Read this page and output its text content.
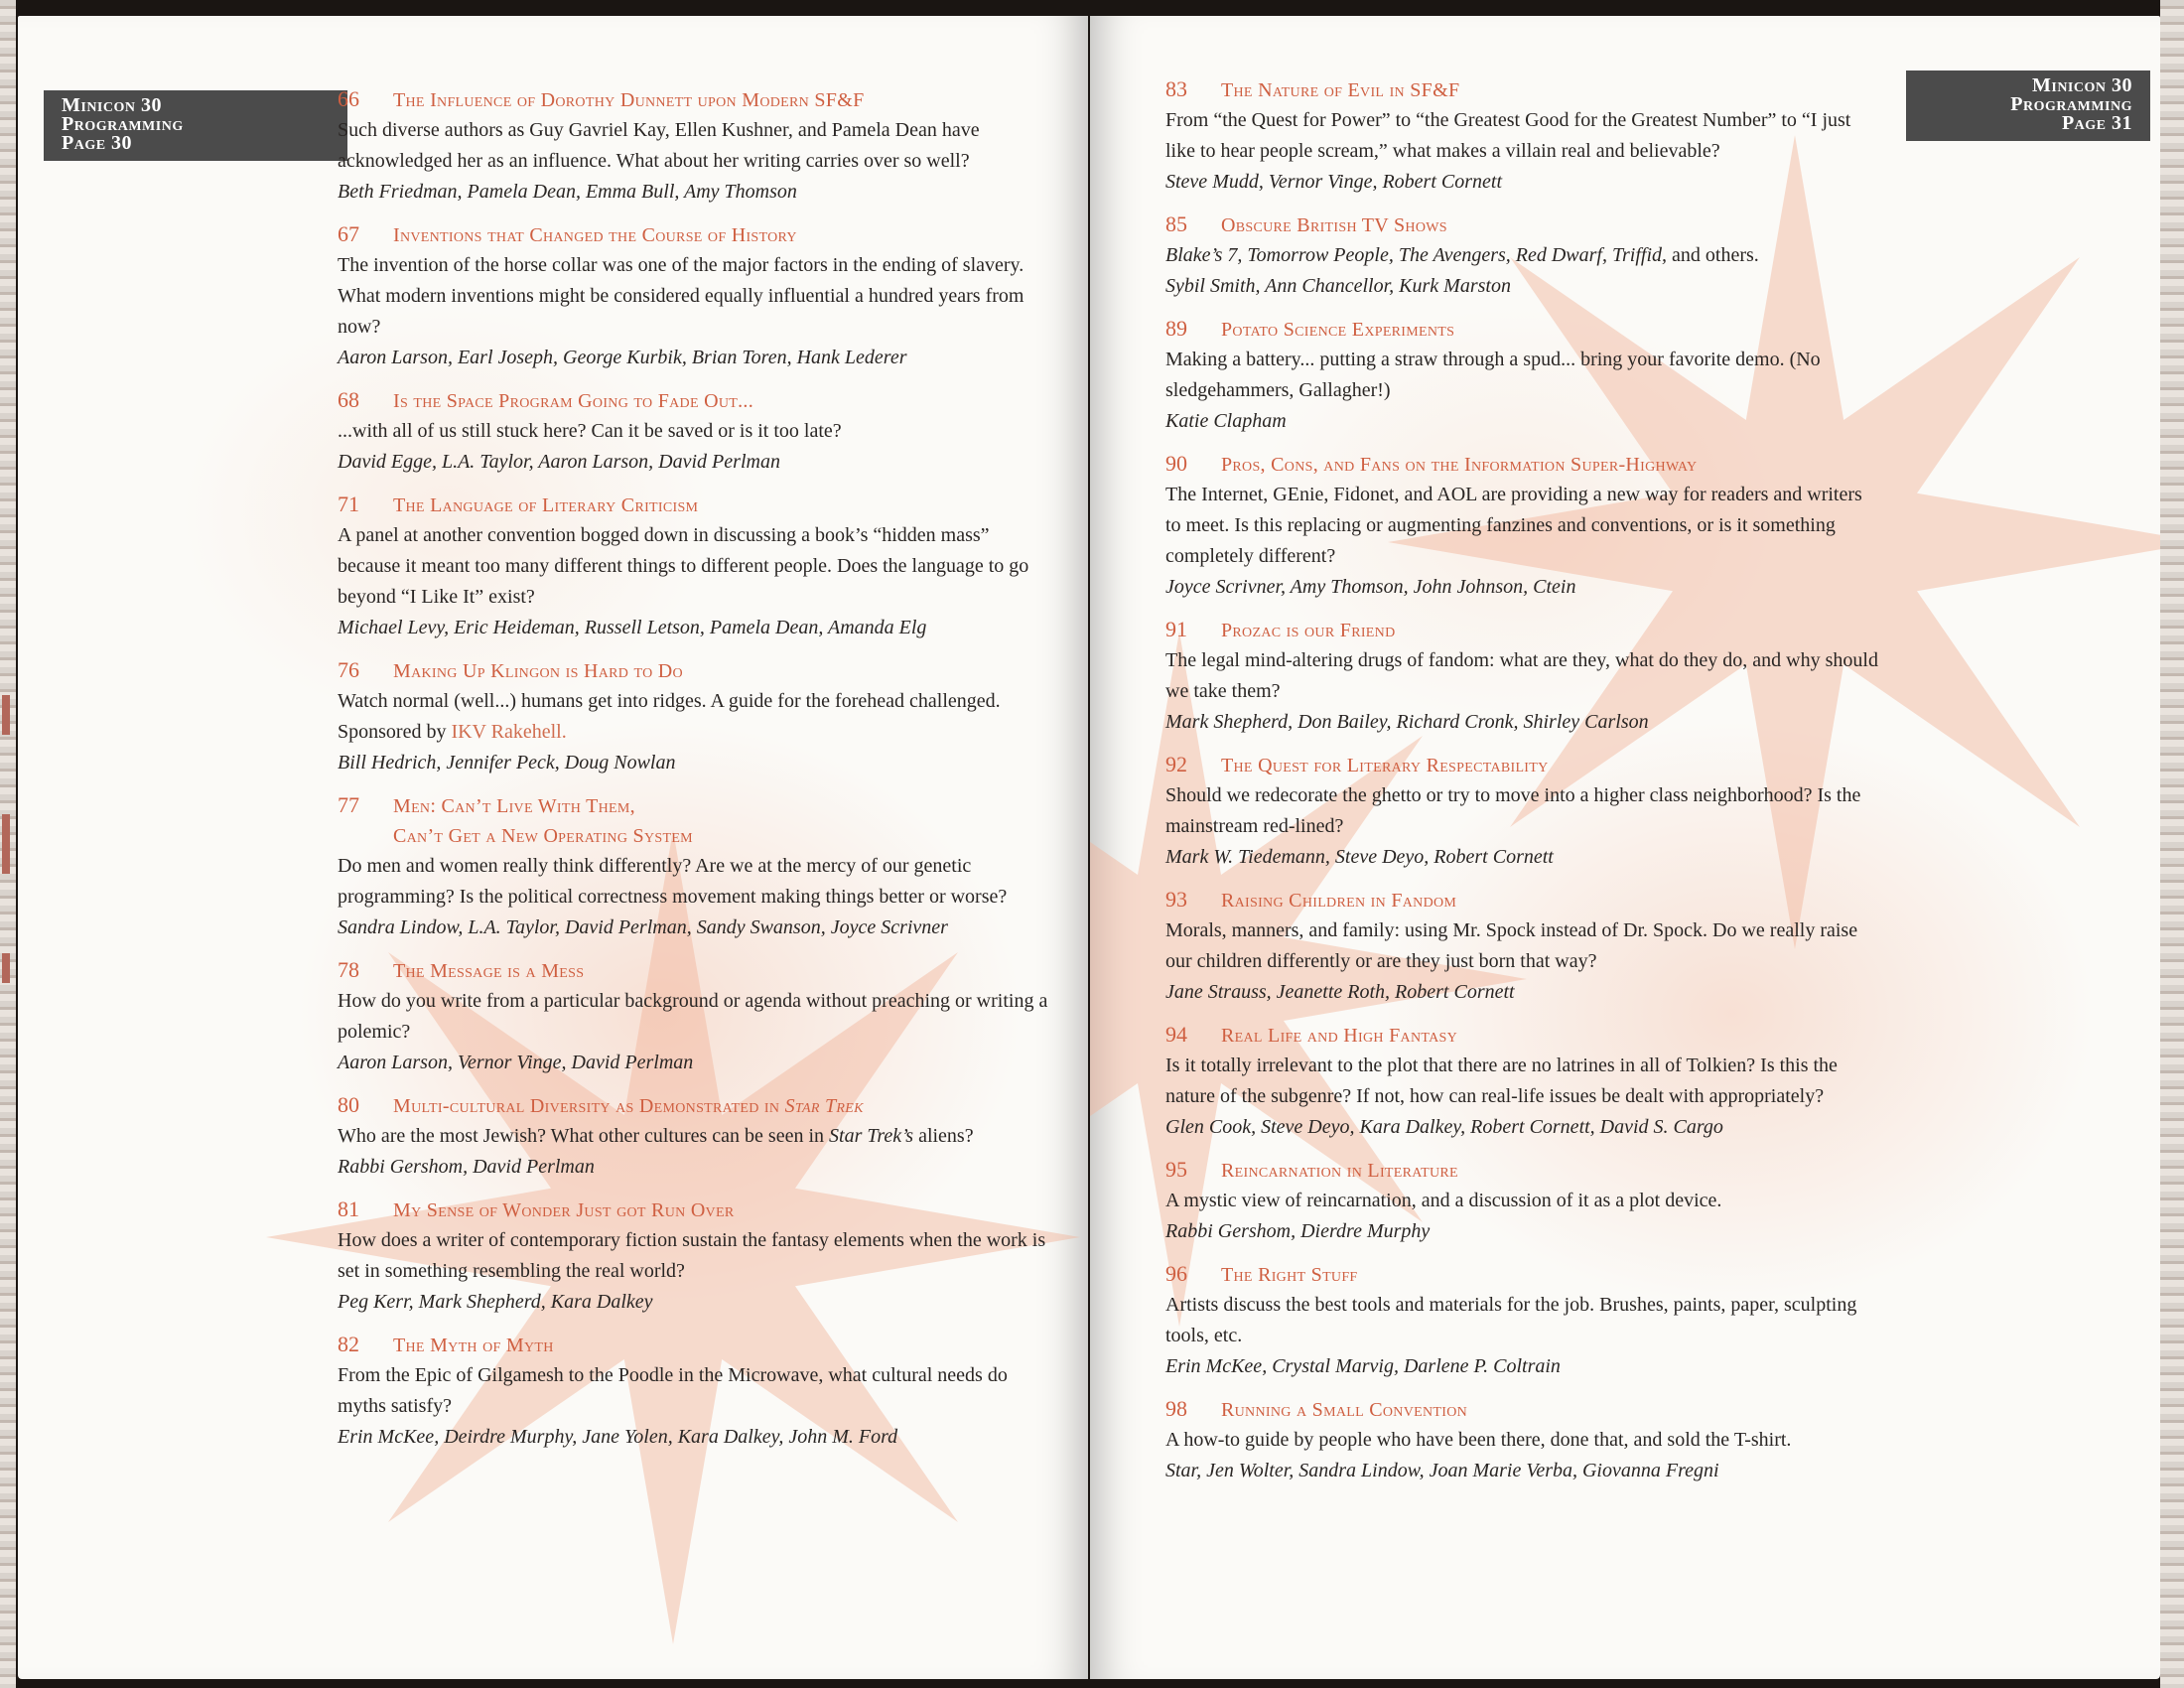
Minicon 30
Programming
Page 30
66	The Influence of Dorothy Dunnett upon Modern SF&F
Such diverse authors as Guy Gavriel Kay, Ellen Kushner, and Pamela Dean have acknowledged her as an influence. What about her writing carries over so well?
Beth Friedman, Pamela Dean, Emma Bull, Amy Thomson
67	Inventions that Changed the Course of History
The invention of the horse collar was one of the major factors in the ending of slavery. What modern inventions might be considered equally influential a hundred years from now?
Aaron Larson, Earl Joseph, George Kurbik, Brian Toren, Hank Lederer
68	Is the Space Program Going to Fade Out...
...with all of us still stuck here? Can it be saved or is it too late?
David Egge, L.A. Taylor, Aaron Larson, David Perlman
71	The Language of Literary Criticism
A panel at another convention bogged down in discussing a book’s “hidden mass” because it meant too many different things to different people. Does the language to go beyond “I Like It” exist?
Michael Levy, Eric Heideman, Russell Letson, Pamela Dean, Amanda Elg
76	Making Up Klingon is Hard to Do
Watch normal (well...) humans get into ridges. A guide for the forehead challenged. Sponsored by IKV Rakehell.
Bill Hedrich, Jennifer Peck, Doug Nowlan
77	Men: Can’t Live With Them,
Can’t Get a New Operating System
Do men and women really think differently? Are we at the mercy of our genetic programming? Is the political correctness movement making things better or worse?
Sandra Lindow, L.A. Taylor, David Perlman, Sandy Swanson, Joyce Scrivner
78	The Message is a Mess
How do you write from a particular background or agenda without preaching or writing a polemic?
Aaron Larson, Vernor Vinge, David Perlman
80	Multi-cultural Diversity as Demonstrated in Star Trek
Who are the most Jewish? What other cultures can be seen in Star Trek’s aliens?
Rabbi Gershom, David Perlman
81	My Sense of Wonder Just got Run Over
How does a writer of contemporary fiction sustain the fantasy elements when the work is set in something resembling the real world?
Peg Kerr, Mark Shepherd, Kara Dalkey
82	The Myth of Myth
From the Epic of Gilgamesh to the Poodle in the Microwave, what cultural needs do myths satisfy?
Erin McKee, Deirdre Murphy, Jane Yolen, Kara Dalkey, John M. Ford
Minicon 30
Programming
Page 31
83	The Nature of Evil in SF&F
From “the Quest for Power” to “the Greatest Good for the Greatest Number” to “I just like to hear people scream,” what makes a villain real and believable?
Steve Mudd, Vernor Vinge, Robert Cornett
85	Obscure British TV Shows
Blake’s 7, Tomorrow People, The Avengers, Red Dwarf, Triffid, and others.
Sybil Smith, Ann Chancellor, Kurk Marston
89	Potato Science Experiments
Making a battery... putting a straw through a spud... bring your favorite demo. (No sledgehammers, Gallagher!)
Katie Clapham
90	Pros, Cons, and Fans on the Information Super-Highway
The Internet, GEnie, Fidonet, and AOL are providing a new way for readers and writers to meet. Is this replacing or augmenting fanzines and conventions, or is it something completely different?
Joyce Scrivner, Amy Thomson, John Johnson, Ctein
91	Prozac is our Friend
The legal mind-altering drugs of fandom: what are they, what do they do, and why should we take them?
Mark Shepherd, Don Bailey, Richard Cronk, Shirley Carlson
92	The Quest for Literary Respectability
Should we redecorate the ghetto or try to move into a higher class neighborhood? Is the mainstream red-lined?
Mark W. Tiedemann, Steve Deyo, Robert Cornett
93	Raising Children in Fandom
Morals, manners, and family: using Mr. Spock instead of Dr. Spock. Do we really raise our children differently or are they just born that way?
Jane Strauss, Jeanette Roth, Robert Cornett
94	Real Life and High Fantasy
Is it totally irrelevant to the plot that there are no latrines in all of Tolkien? Is this the nature of the subgenre? If not, how can real-life issues be dealt with appropriately?
Glen Cook, Steve Deyo, Kara Dalkey, Robert Cornett, David S. Cargo
95	Reincarnation in Literature
A mystic view of reincarnation, and a discussion of it as a plot device.
Rabbi Gershom, Dierdre Murphy
96	The Right Stuff
Artists discuss the best tools and materials for the job. Brushes, paints, paper, sculpting tools, etc.
Erin McKee, Crystal Marvig, Darlene P. Coltrain
98	Running a Small Convention
A how-to guide by people who have been there, done that, and sold the T-shirt.
Star, Jen Wolter, Sandra Lindow, Joan Marie Verba, Giovanna Fregni
